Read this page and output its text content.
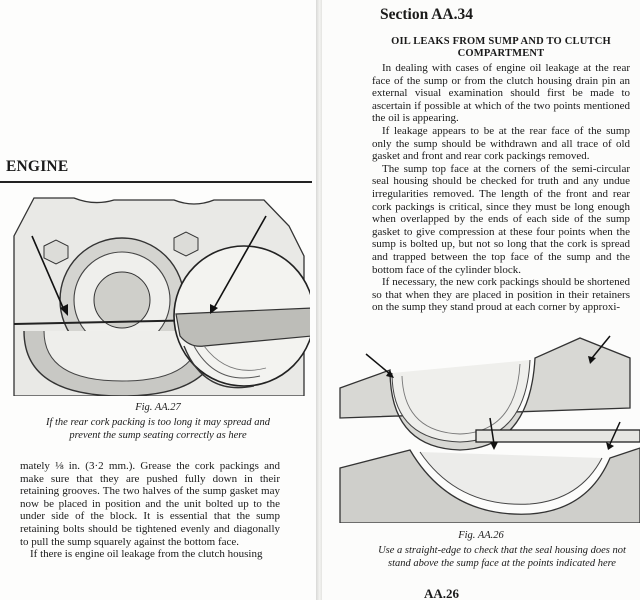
ENGINE
Fig. AA.27
If the rear cork packing is too long it may spread and prevent the sump seating correctly as here

mately ⅛ in. (3·2 mm.). Grease the cork packings and make sure that they are pushed fully down in their retaining grooves. The two halves of the sump gasket may now be placed in position and the unit bolted up to the under side of the block. It is essential that the sump retaining bolts should be tightened evenly and diagonally to pull the sump squarely against the bottom face.

If there is engine oil leakage from the clutch housing

Section AA.34
OIL LEAKS FROM SUMP AND TO CLUTCH COMPARTMENT

In dealing with cases of engine oil leakage at the rear face of the sump or from the clutch housing drain pin an external visual examination should first be made to ascertain if possible at which of the two points mentioned the oil is appearing.

If leakage appears to be at the rear face of the sump only the sump should be withdrawn and all trace of old gasket and front and rear cork packings removed.

The sump top face at the corners of the semi-circular seal housing should be checked for truth and any undue irregularities removed. The length of the front and rear cork packings is critical, since they must be long enough when overlapped by the ends of each side of the sump gasket to give compression at these four points when the sump is bolted up, but not so long that the cork is spread and trapped between the top face of the sump and the bottom face of the cylinder block.

If necessary, the new cork packings should be shortened so that when they are placed in position in their retainers on the sump they stand proud at each corner by approxi-

Fig. AA.26
Use a straight-edge to check that the seal housing does not stand above the sump face at the points indicated here
AA.26
